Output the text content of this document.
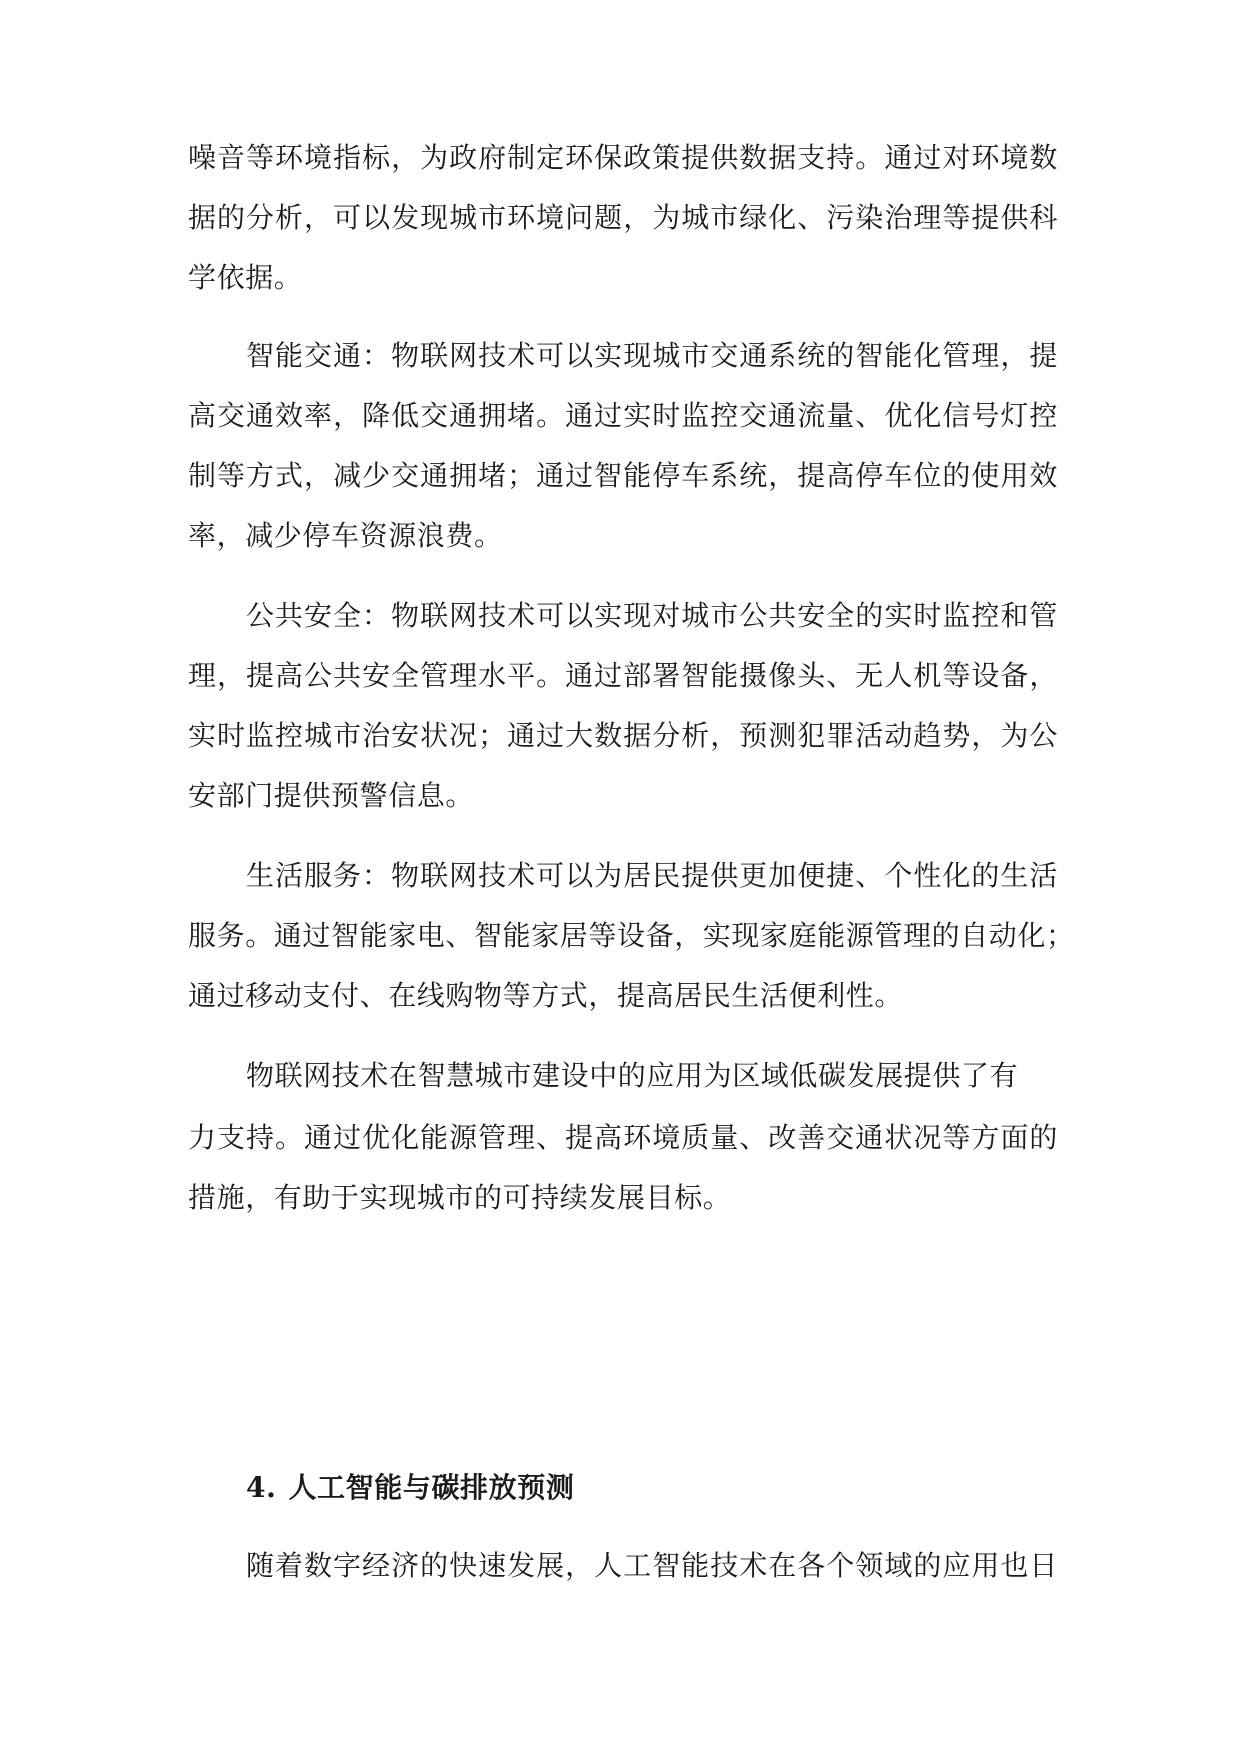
噪音等环境指标，为政府制定环保政策提供数据支持。通过对环境数
据的分析，可以发现城市环境问题，为城市绿化、污染治理等提供科
学依据。
智能交通：物联网技术可以实现城市交通系统的智能化管理，提
高交通效率，降低交通拥堵。通过实时监控交通流量、优化信号灯控
制等方式，减少交通拥堵；通过智能停车系统，提高停车位的使用效
率，减少停车资源浪费。
公共安全：物联网技术可以实现对城市公共安全的实时监控和管
理，提高公共安全管理水平。通过部署智能摄像头、无人机等设备，
实时监控城市治安状况；通过大数据分析，预测犯罪活动趋势，为公
安部门提供预警信息。
生活服务：物联网技术可以为居民提供更加便捷、个性化的生活
服务。通过智能家电、智能家居等设备，实现家庭能源管理的自动化；
通过移动支付、在线购物等方式，提高居民生活便利性。
物联网技术在智慧城市建设中的应用为区域低碳发展提供了有
力支持。通过优化能源管理、提高环境质量、改善交通状况等方面的
措施，有助于实现城市的可持续发展目标。
4. 人工智能与碳排放预测
随着数字经济的快速发展，人工智能技术在各个领域的应用也日
